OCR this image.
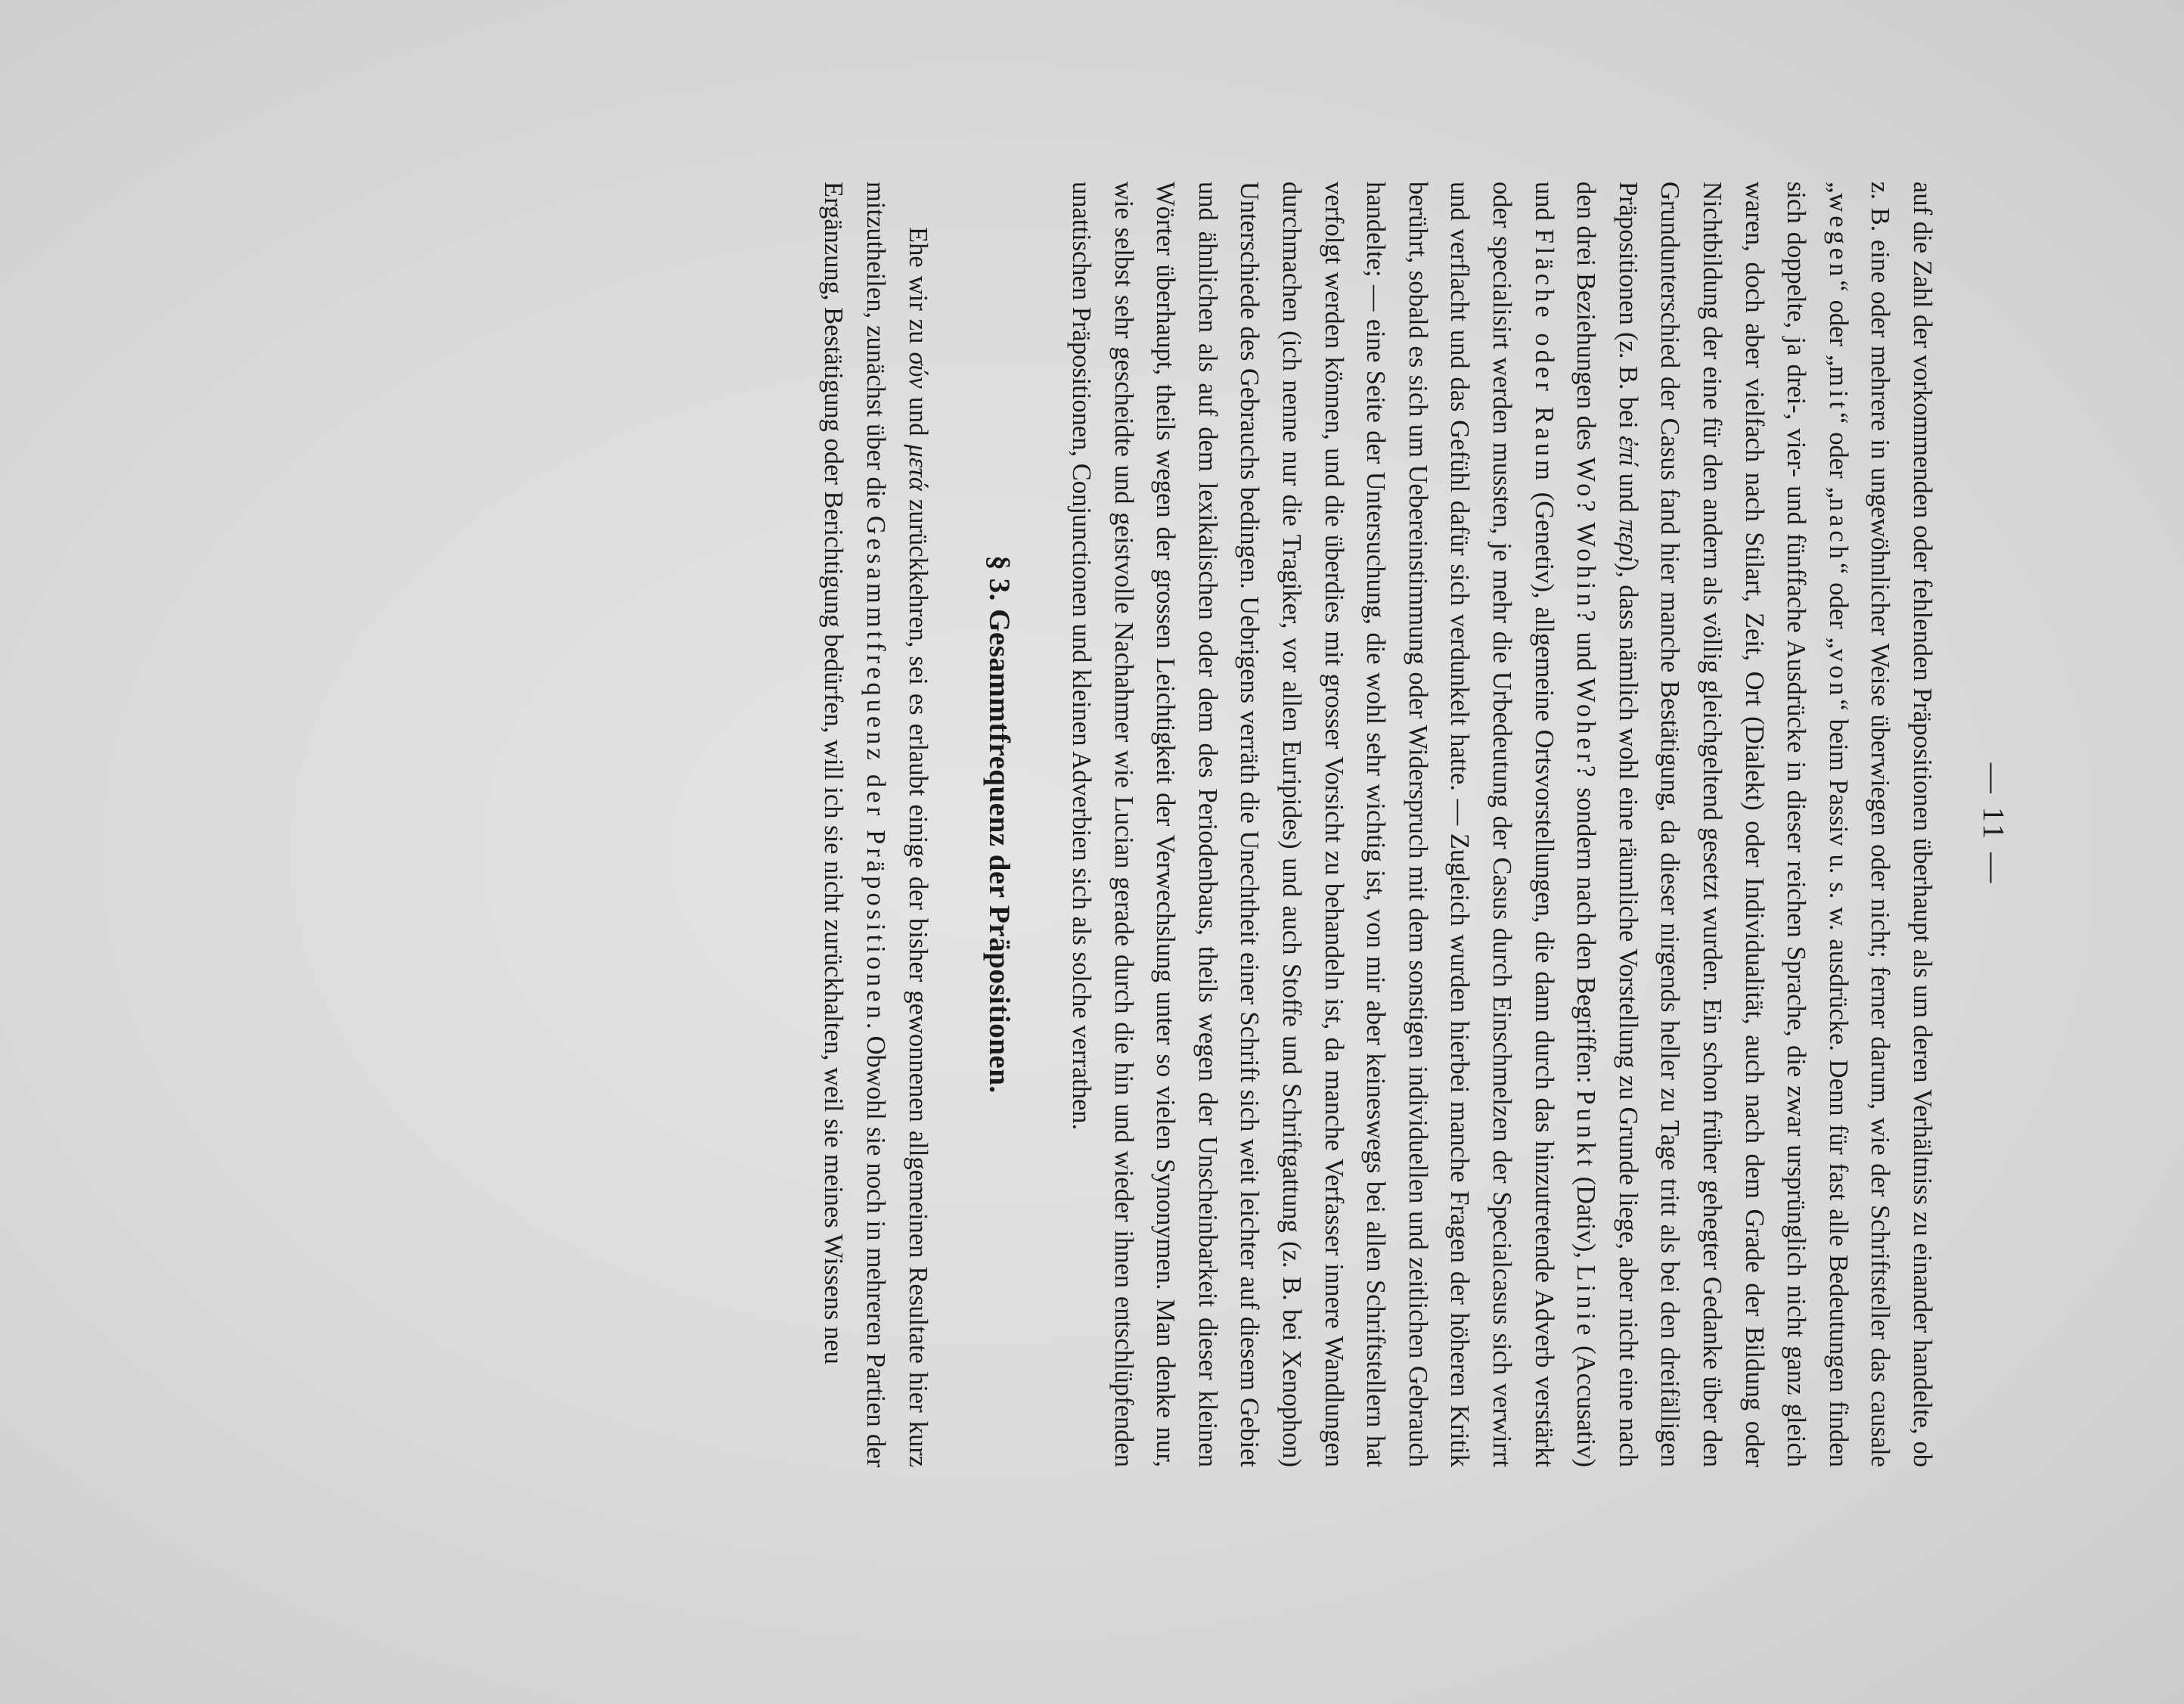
— 11 —

auf die Zahl der vorkommenden oder fehlenden Präpositionen überhaupt als um deren Verhältniss zu einander handelte, ob z. B. eine oder mehrere in ungewöhnlicher Weise überwiegen oder nicht; ferner darum, wie der Schriftsteller das causale „wegen“ oder „mit“ oder „nach“ oder „von“ beim Passiv u. s. w. ausdrücke. Denn für fast alle Bedeutungen finden sich doppelte, ja drei-, vier- und fünffache Ausdrücke in dieser reichen Sprache, die zwar ursprünglich nicht ganz gleich waren, doch aber vielfach nach Stilart, Zeit, Ort (Dialekt) oder Individualität, auch nach dem Grade der Bildung oder Nichtbildung der eine für den andern als völlig gleichgeltend gesetzt wurden. Ein schon früher gehegter Gedanke über den Grundunterschied der Casus fand hier manche Bestätigung, da dieser nirgends heller zu Tage tritt als bei den dreifälligen Präpositionen (z. B. bei ἐπί und περί), dass nämlich wohl eine räumliche Vorstellung zu Grunde liege, aber nicht eine nach den drei Beziehungen des Wo? Wohin? und Woher? sondern nach den Begriffen: Punkt (Dativ), Linie (Accusativ) und Fläche oder Raum (Genetiv), allgemeine Ortsvorstellungen, die dann durch das hinzutretende Adverb verstärkt oder specialisirt werden mussten, je mehr die Urbedeutung der Casus durch Einschmelzen der Specialcasus sich verwirrt und verflacht und das Gefühl dafür sich verdunkelt hatte. — Zugleich wurden hierbei manche Fragen der höheren Kritik berührt, sobald es sich um Uebereinstimmung oder Widerspruch mit dem sonstigen individuellen und zeitlichen Gebrauch handelte; — eine Seite der Untersuchung, die wohl sehr wichtig ist, von mir aber keineswegs bei allen Schriftstellern hat verfolgt werden können, und die überdies mit grosser Vorsicht zu behandeln ist, da manche Verfasser innere Wandlungen durchmachen (ich nenne nur die Tragiker, vor allen Euripides) und auch Stoffe und Schriftgattung (z. B. bei Xenophon) Unterschiede des Gebrauchs bedingen. Uebrigens verräth die Unechtheit einer Schrift sich weit leichter auf diesem Gebiet und ähnlichen als auf dem lexikalischen oder dem des Periodenbaus, theils wegen der Unscheinbarkeit dieser kleinen Wörter überhaupt, theils wegen der grossen Leichtigkeit der Verwechslung unter so vielen Synonymen. Man denke nur, wie selbst sehr gescheidte und geistvolle Nachahmer wie Lucian gerade durch die hin und wieder ihnen entschlüpfenden unattischen Präpositionen, Conjunctionen und kleinen Adverbien sich als solche verrathen.

§ 3. Gesammtfrequenz der Präpositionen.

Ehe wir zu σύν und μετά zurückkehren, sei es erlaubt einige der bisher gewonnenen allgemeinen Resultate hier kurz mitzutheilen, zunächst über die Gesammtfrequenz der Präpositionen. Obwohl sie noch in mehreren Partien der Ergänzung, Bestätigung oder Berichtigung bedürfen, will ich sie nicht zurückhalten, weil sie meines Wissens neu
